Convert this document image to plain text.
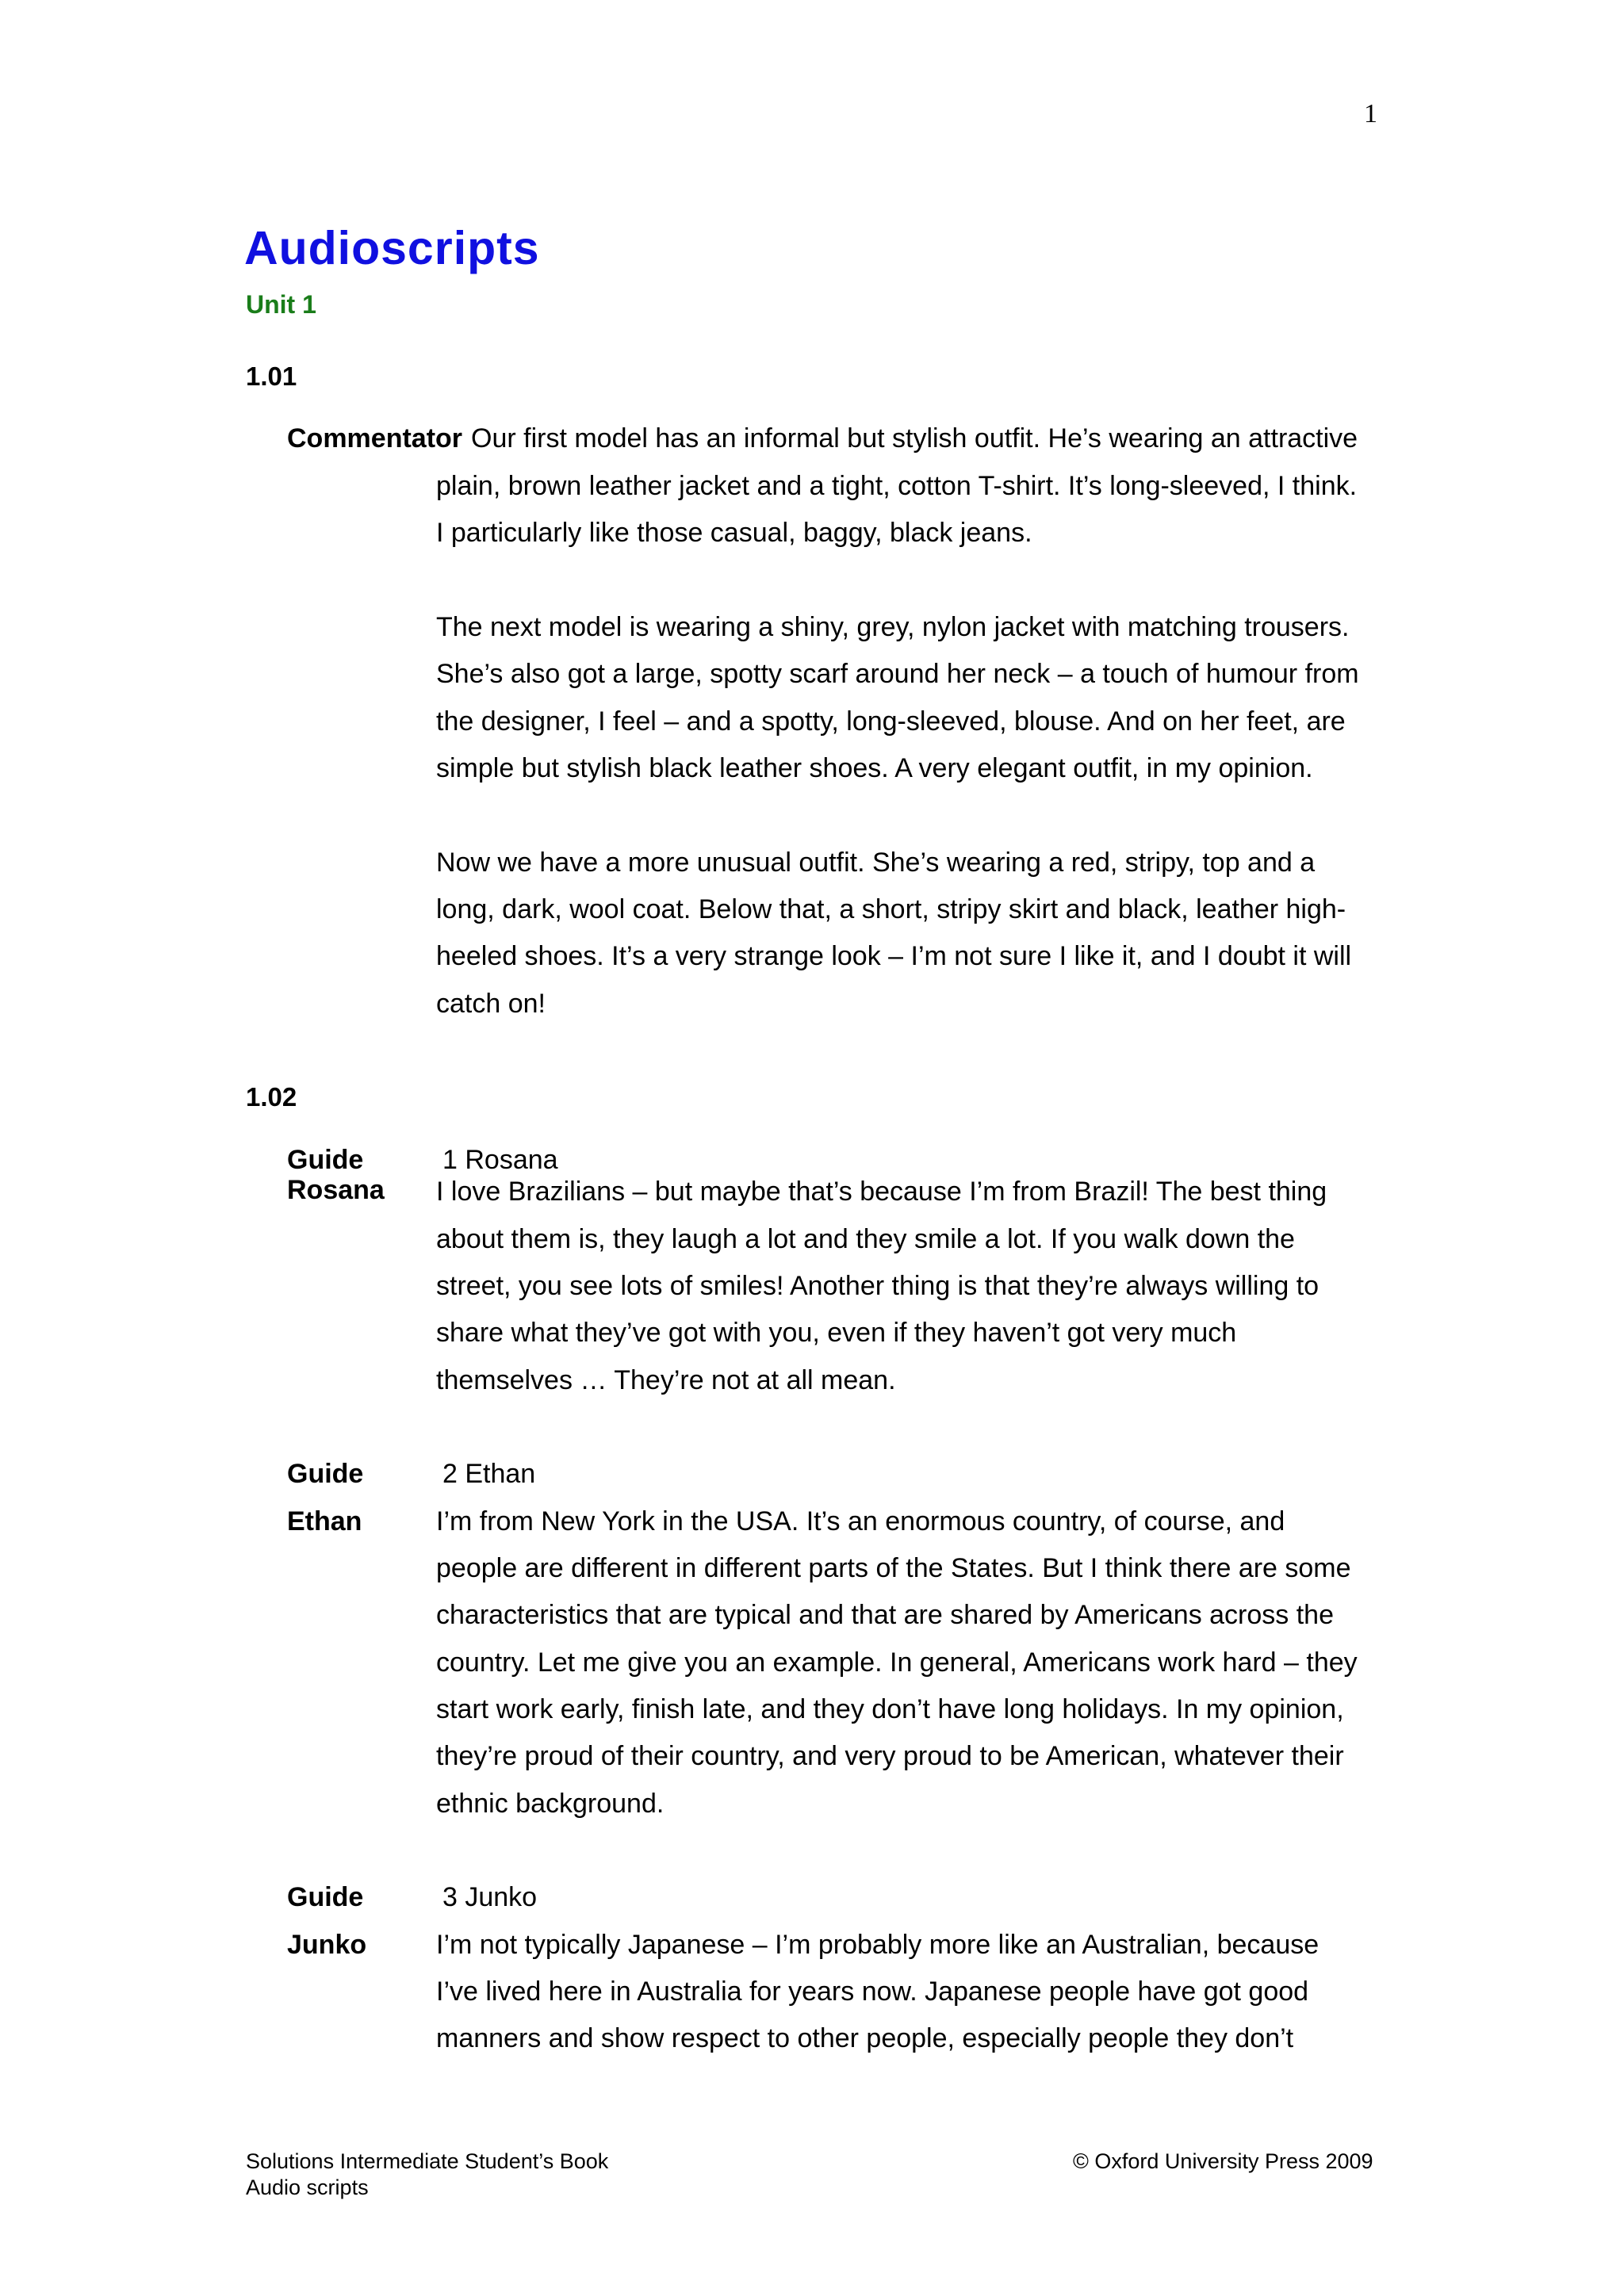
1
Audioscripts
Unit 1
1.01
Commentator Our first model has an informal but stylish outfit. He’s wearing an attractive
plain, brown leather jacket and a tight, cotton T-shirt. It’s long-sleeved, I think.
I particularly like those casual, baggy, black jeans.
The next model is wearing a shiny, grey, nylon jacket with matching trousers.
She’s also got a large, spotty scarf around her neck – a touch of humour from
the designer, I feel – and a spotty, long-sleeved, blouse. And on her feet, are
simple but stylish black leather shoes. A very elegant outfit, in my opinion.
Now we have a more unusual outfit. She’s wearing a red, stripy, top and a
long, dark, wool coat. Below that, a short, stripy skirt and black, leather high-
heeled shoes. It’s a very strange look – I’m not sure I like it, and I doubt it will
catch on!
1.02
Guide	1 Rosana
Rosana I love Brazilians – but maybe that’s because I’m from Brazil! The best thing
about them is, they laugh a lot and they smile a lot. If you walk down the
street, you see lots of smiles! Another thing is that they’re always willing to
share what they’ve got with you, even if they haven’t got very much
themselves … They’re not at all mean.
Guide	2 Ethan
Ethan	I’m from New York in the USA. It’s an enormous country, of course, and
people are different in different parts of the States. But I think there are some
characteristics that are typical and that are shared by Americans across the
country. Let me give you an example. In general, Americans work hard – they
start work early, finish late, and they don’t have long holidays. In my opinion,
they’re proud of their country, and very proud to be American, whatever their
ethnic background.
Guide	3 Junko
Junko	I’m not typically Japanese – I’m probably more like an Australian, because
I’ve lived here in Australia for years now. Japanese people have got good
manners and show respect to other people, especially people they don’t
Solutions Intermediate Student’s Book
Audio scripts
© Oxford University Press 2009
